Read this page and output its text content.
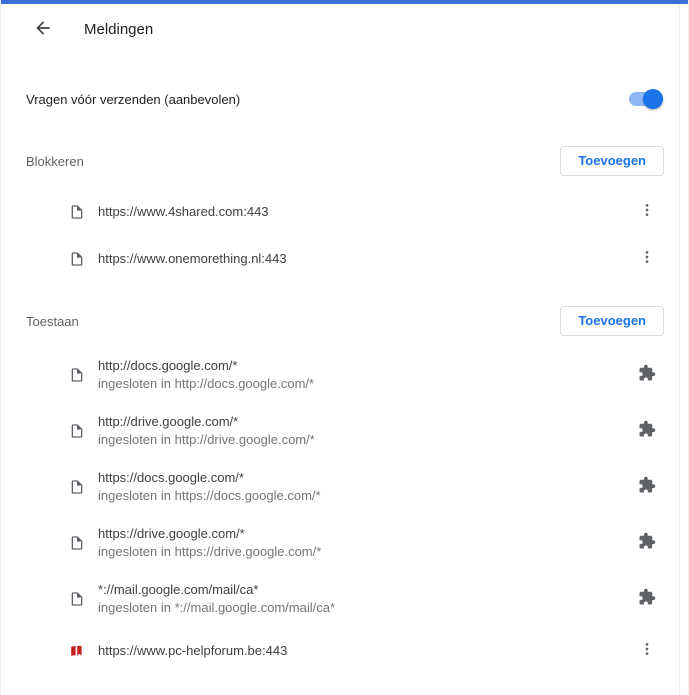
Meldingen
Vragen vóór verzenden (aanbevolen)
Blokkeren	Toevoegen
https://www.4shared.com:443
https://www.onemorething.nl:443
Toestaan	Toevoegen
http://docs.google.com/*
ingesloten in http://docs.google.com/*
http://drive.google.com/*
ingesloten in http://drive.google.com/*
https://docs.google.com/*
ingesloten in https://docs.google.com/*
https://drive.google.com/*
ingesloten in https://drive.google.com/*
*://mail.google.com/mail/ca*
ingesloten in *://mail.google.com/mail/ca*
https://www.pc-helpforum.be:443
